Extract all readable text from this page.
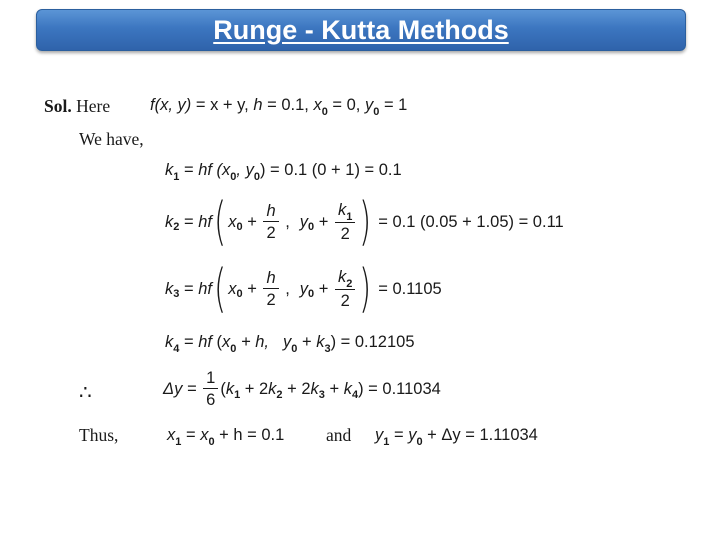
Runge - Kutta Methods
Sol. Here f(x, y) = x + y, h = 0.1, $x_0 = 0$, $y_0 = 1$
We have,
$k_1$ = hf ($x_0$, $y_0) = 0.1$ (0 + 1) = 0.1
k 2 = hf ( x $0 + \frac{h}{2}$ , y $0 + \frac{k_1}{2}$ ) = 0.1 (0.05 + 1.05) = 0.11
k 3 = hf ( x $0 + \frac{h}{2}$ , y $0 + \frac{k_2}{2}$ ) = 0.1105
$k_4$ = hf ($x_0 + h$, $y_0 + k_3) = 0.12105$
∴	$\Delta y = \frac{1}{6}$ ( k 1 + 2 k 2 + 2 k 3 + k 4 ) = 0.11034
Thus,	$x_1 = x_0 + h = 0.1$ and $y_1 = y_0 + \Delta y = 1.11034$
